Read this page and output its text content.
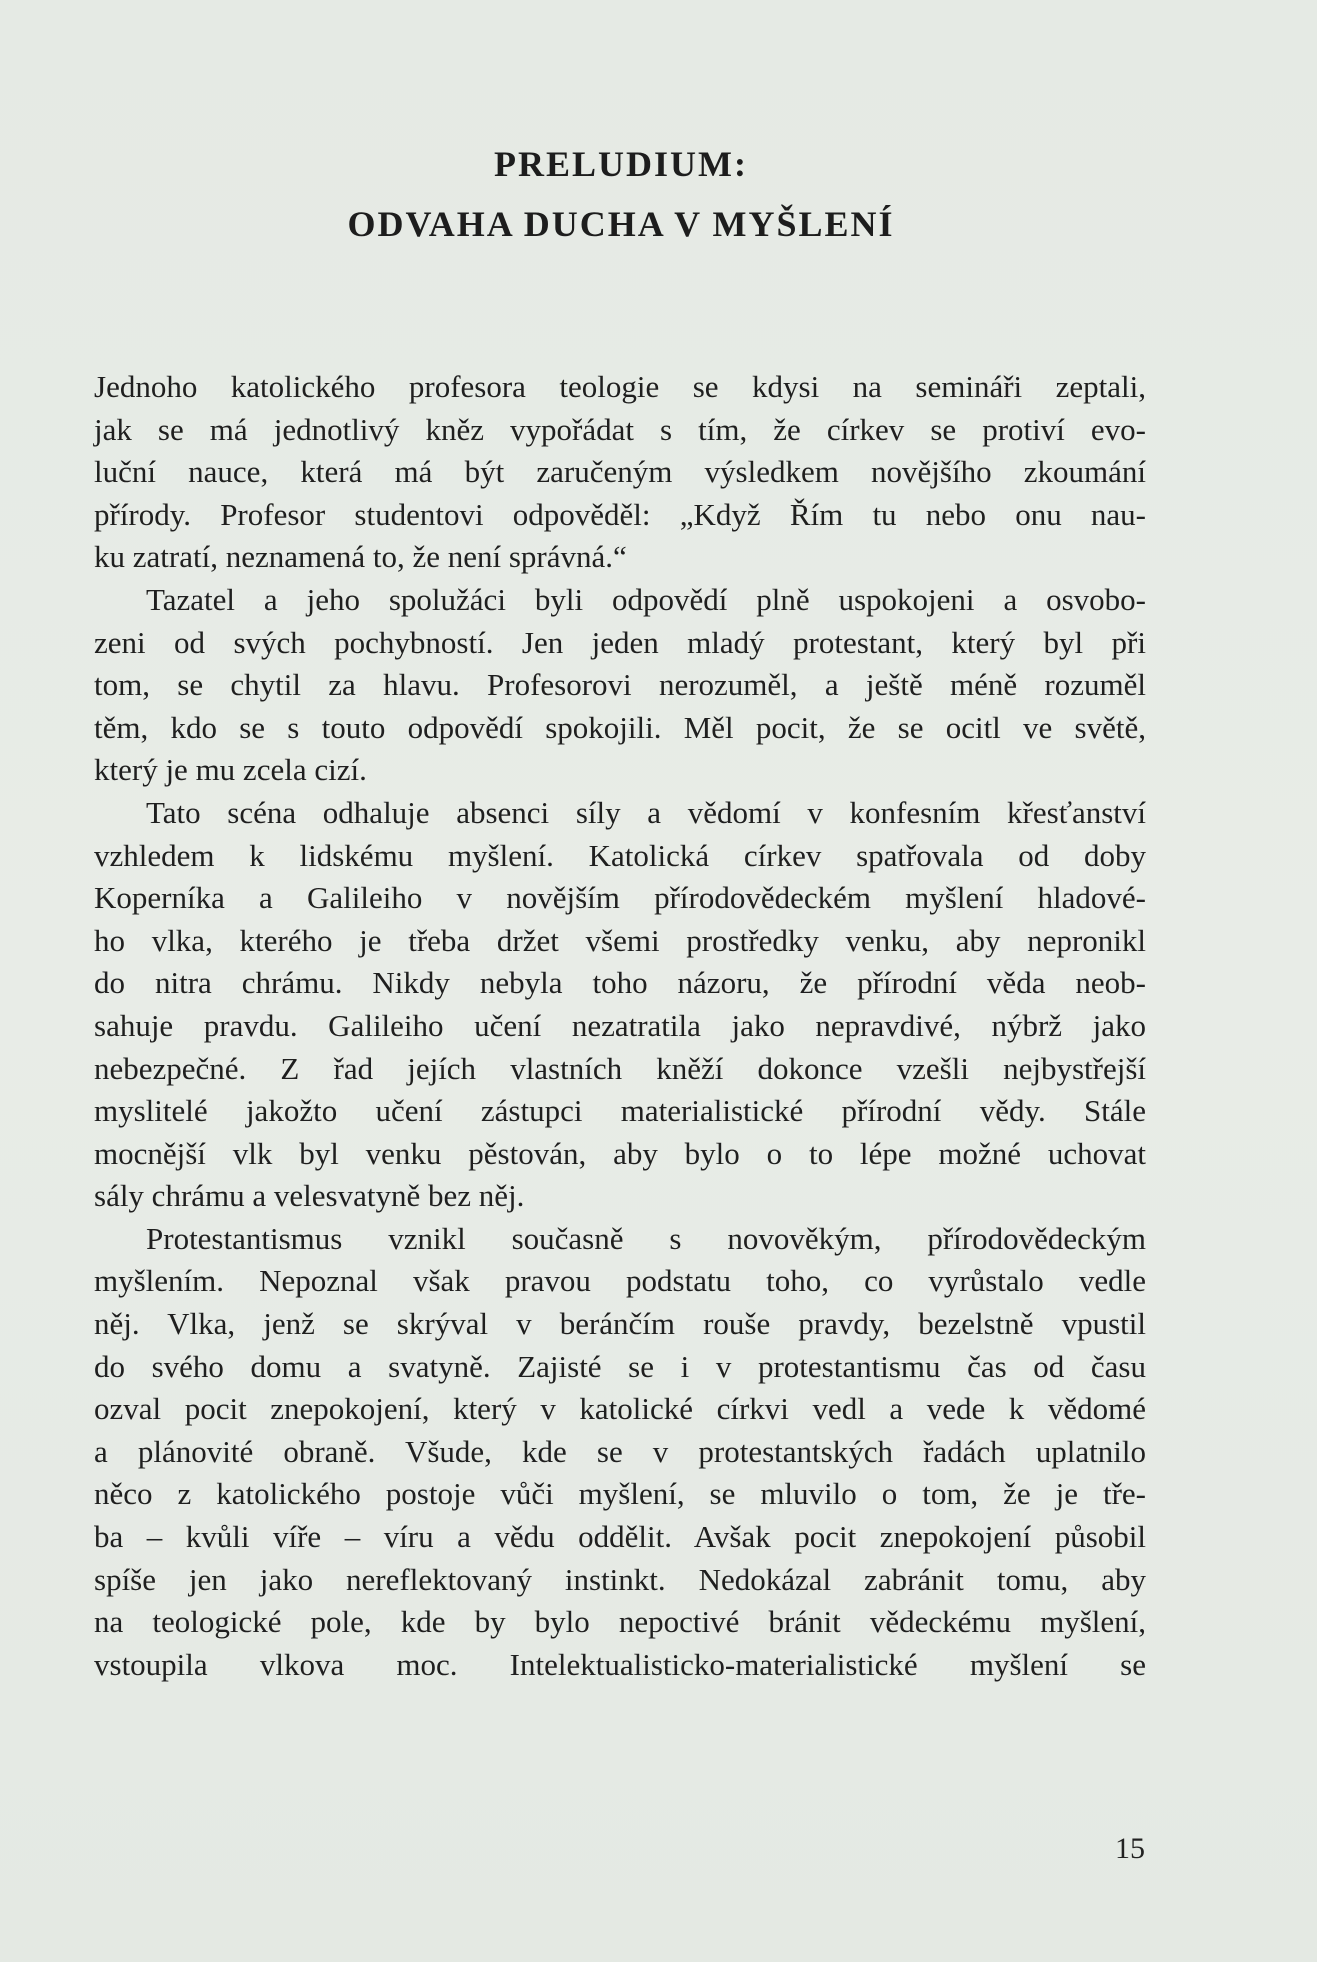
PRELUDIUM:
ODVAHA DUCHA V MYŠLENÍ
Jednoho katolického profesora teologie se kdysi na semináři zeptali,
jak se má jednotlivý kněz vypořádat s tím, že církev se protiví evo-
luční nauce, která má být zaručeným výsledkem novějšího zkoumání
přírody. Profesor studentovi odpověděl: „Když Řím tu nebo onu nau-
ku zatratí, neznamená to, že není správná.“
Tazatel a jeho spolužáci byli odpovědí plně uspokojeni a osvobo-
zeni od svých pochybností. Jen jeden mladý protestant, který byl při
tom, se chytil za hlavu. Profesorovi nerozuměl, a ještě méně rozuměl
těm, kdo se s touto odpovědí spokojili. Měl pocit, že se ocitl ve světě,
který je mu zcela cizí.
Tato scéna odhaluje absenci síly a vědomí v konfesním křesťanství
vzhledem k lidskému myšlení. Katolická církev spatřovala od doby
Koperníka a Galileiho v novějším přírodovědeckém myšlení hladové-
ho vlka, kterého je třeba držet všemi prostředky venku, aby nepronikl
do nitra chrámu. Nikdy nebyla toho názoru, že přírodní věda neob-
sahuje pravdu. Galileiho učení nezatratila jako nepravdivé, nýbrž jako
nebezpečné. Z řad jejích vlastních kněží dokonce vzešli nejbystřejší
myslitelé jakožto učení zástupci materialistické přírodní vědy. Stále
mocnější vlk byl venku pěstován, aby bylo o to lépe možné uchovat
sály chrámu a velesvatyně bez něj.
Protestantismus vznikl současně s novověkým, přírodovědeckým
myšlením. Nepoznal však pravou podstatu toho, co vyrůstalo vedle
něj. Vlka, jenž se skrýval v beránčím rouše pravdy, bezelstně vpustil
do svého domu a svatyně. Zajisté se i v protestantismu čas od času
ozval pocit znepokojení, který v katolické církvi vedl a vede k vědomé
a plánovité obraně. Všude, kde se v protestantských řadách uplatnilo
něco z katolického postoje vůči myšlení, se mluvilo o tom, že je tře-
ba – kvůli víře – víru a vědu oddělit. Avšak pocit znepokojení působil
spíše jen jako nereflektovaný instinkt. Nedokázal zabránit tomu, aby
na teologické pole, kde by bylo nepoctivé bránit vědeckému myšlení,
vstoupila vlkova moc. Intelektualisticko-materialistické myšlení se
15
